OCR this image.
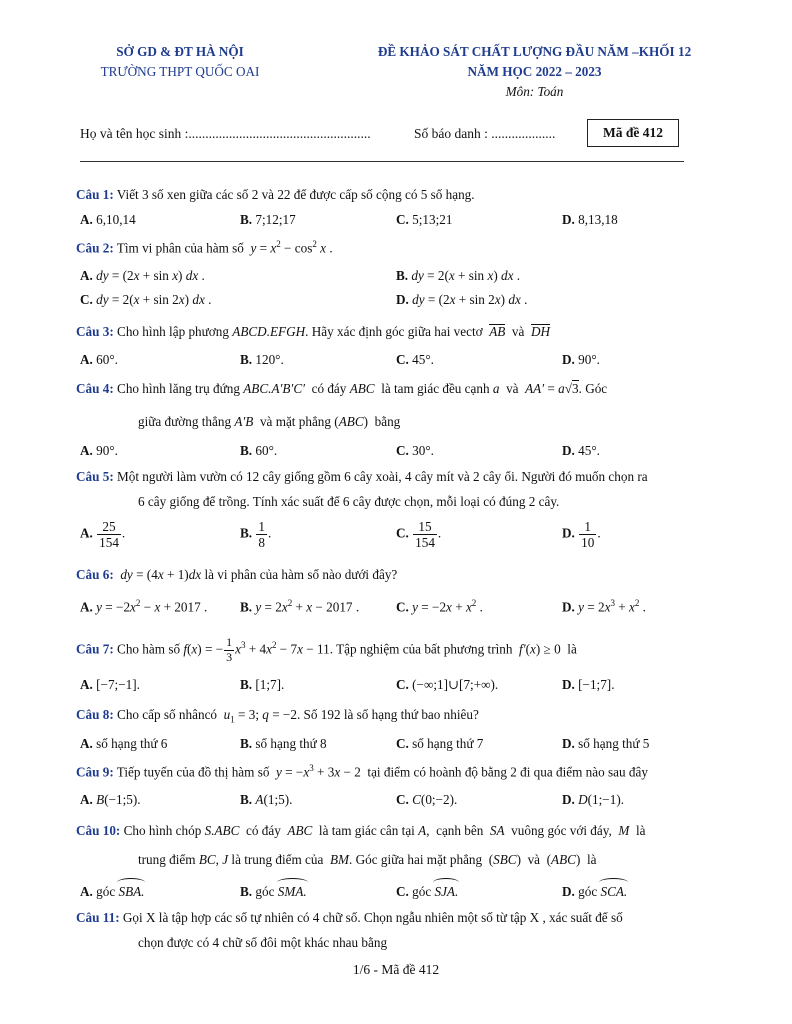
SỞ GD & ĐT HÀ NỘI
TRƯỜNG THPT QUỐC OAI
ĐỀ KHẢO SÁT CHẤT LƯỢNG ĐẦU NĂM –KHỐI 12
NĂM HỌC 2022 – 2023
Môn: Toán
Họ và tên học sinh :......................................................	Số báo danh : ...................	Mã đề 412
Câu 1: Viết 3 số xen giữa các số 2 và 22 để được cấp số cộng có 5 số hạng.
A. 6,10,14	B. 7;12;17	C. 5;13;21	D. 8,13,18
Câu 2: Tìm vi phân của hàm số  $y = x^2 - \cos^2 x$ .
A. dy = (2x + sin x) dx .	B. dy = 2(x + sin x) dx .
C. dy = 2(x + sin 2x) dx .	D. dy = (2x + sin 2x) dx .
Câu 3: Cho hình lập phương ABCD.EFGH. Hãy xác định góc giữa hai vectơ AB  và  DH
A. 60°.	B. 120°.	C. 45°.	D. 90°.
Câu 4: Cho hình lăng trụ đứng ABC.A′B′C′ có đáy ABC là tam giác đều cạnh a  và  AA′ = a√3. Góc
giữa đường thẳng A′B và mặt phẳng (ABC)  bằng
A. 90°.	B. 60°.	C. 30°.	D. 45°.
Câu 5: Một người làm vườn có 12 cây giống gồm 6 cây xoài, 4 cây mít và 2 cây ổi. Người đó muốn chọn ra
6 cây giống để trồng. Tính xác suất để 6 cây được chọn, mỗi loại có đúng 2 cây.
A. $\frac{25}{154}$ .	B. $\frac{1}{8}$ .	C. $\frac{15}{154}$ .	D. $\frac{1}{10}$ .
Câu 6: dy = (4x + 1)dx là vi phân của hàm số nào dưới đây?
A. $y = -2x^2 - x + 2017$ . B. $y = 2x^2 + x - 2017$ .	C. $y = -2x + x^2$ .	D. $y = 2x^3 + x^2$ .
Câu 7: Cho hàm số f(x) = − $\frac{1}{3} x^3 + 4x^2 - 7x - 11$. Tập nghiệm của bất phương trình f′(x) ≥ 0  là
A. [−7;−1].	B. [1;7].	C. (−∞;1]∪[7;+∞).	D. [−1;7].
Câu 8: Cho cấp số nhâncó $u_1 = 3$; q = −2. Số 192 là số hạng thứ bao nhiêu?
A. số hạng thứ 6	B. số hạng thứ 8	C. số hạng thứ 7	D. số hạng thứ 5
Câu 9: Tiếp tuyến của đồ thị hàm số $y = -x^3 + 3x - 2$  tại điểm có hoành độ bằng 2 đi qua điểm nào sau đây
A. B(−1;5).	B. A(1;5).	C. C(0;−2).	D. D(1;−1).
Câu 10: Cho hình chóp S.ABC có đáy ABC là tam giác cân tại A,  cạnh bên SA vuông góc với đáy, M là
trung điểm BC, J là trung điểm của BM. Góc giữa hai mặt phẳng  (SBC)  và  (ABC)  là
A. góc SBA.	B. góc SMA.	C. góc SJA.	D. góc SCA.
Câu 11: Gọi X là tập hợp các số tự nhiên có 4 chữ số. Chọn ngẫu nhiên một số từ tập X , xác suất để số
chọn được có 4 chữ số đôi một khác nhau bằng
1/6 - Mã đề 412
